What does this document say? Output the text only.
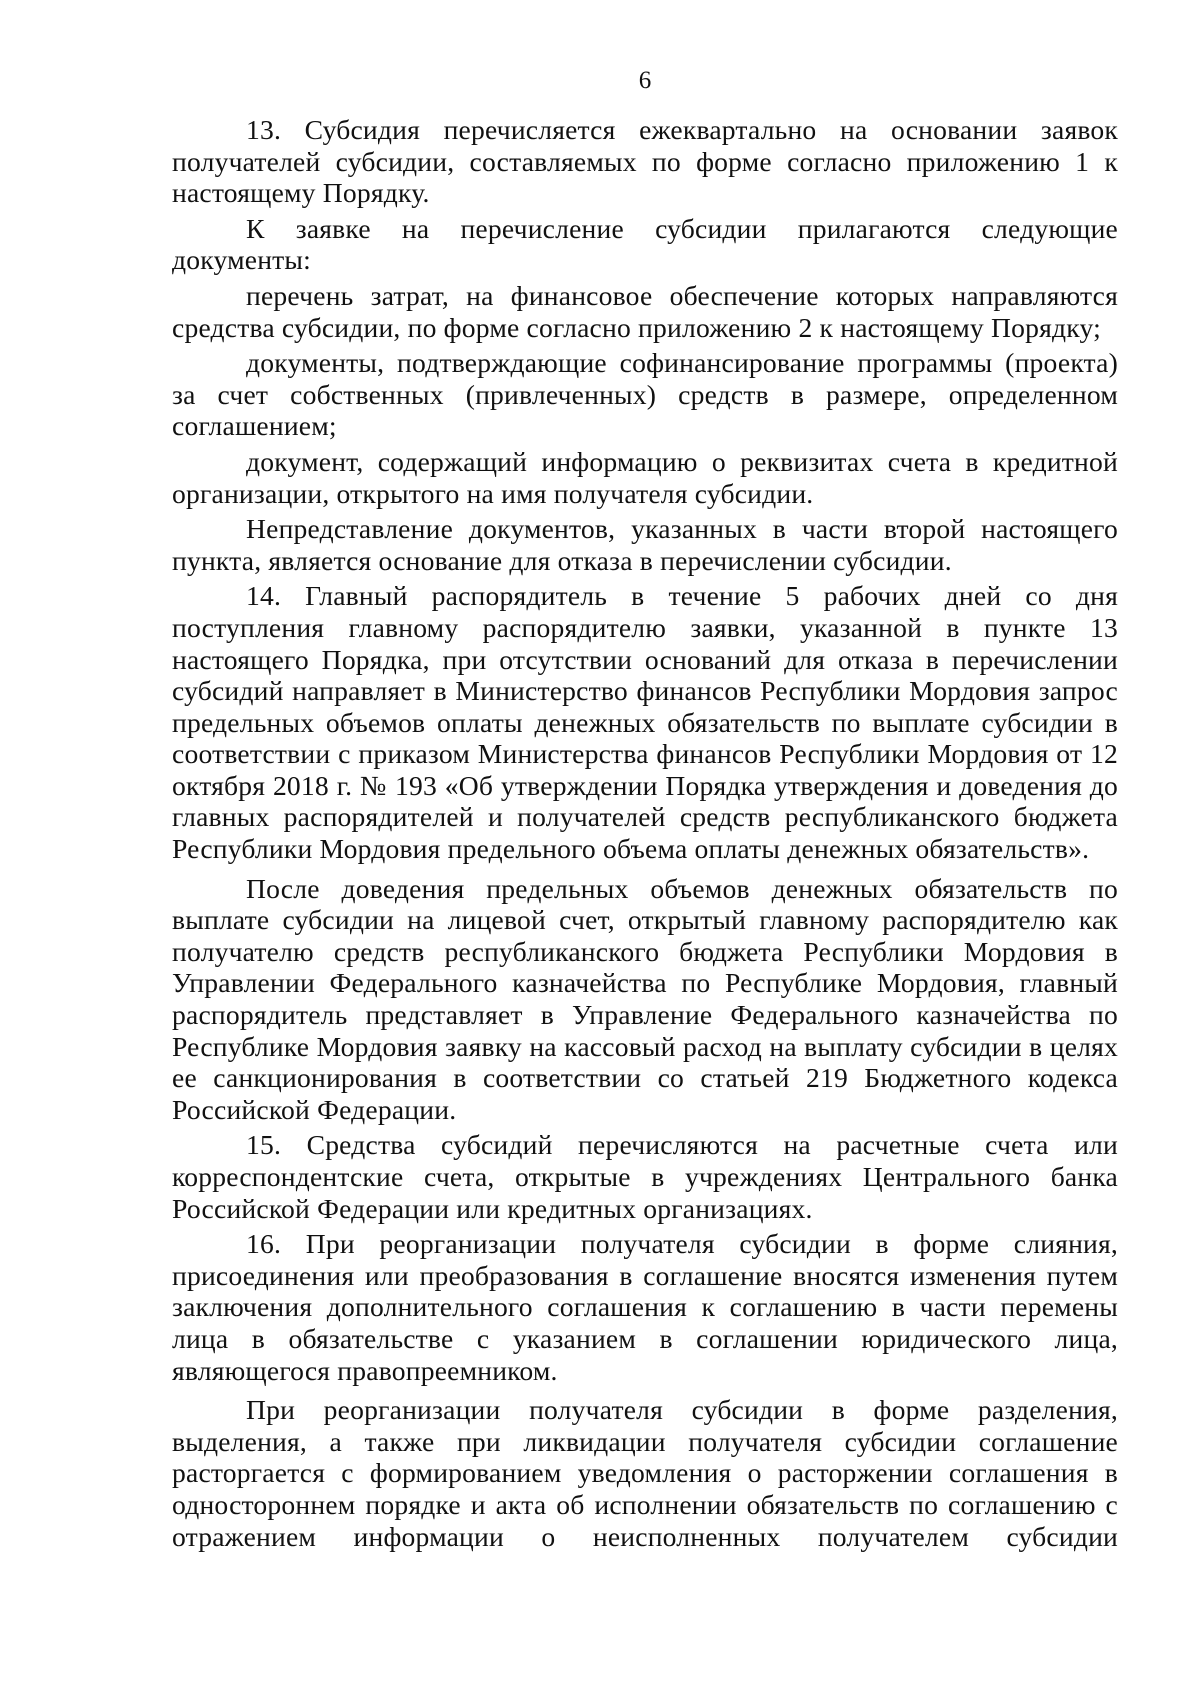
6

13. Субсидия перечисляется ежеквартально на основании заявок получателей субсидии, составляемых по форме согласно приложению 1 к настоящему Порядку.

К заявке на перечисление субсидии прилагаются следующие документы:

перечень затрат, на финансовое обеспечение которых направляются средства субсидии, по форме согласно приложению 2 к настоящему Порядку;

документы, подтверждающие софинансирование программы (проекта) за счет собственных (привлеченных) средств в размере, определенном соглашением;

документ, содержащий информацию о реквизитах счета в кредитной организации, открытого на имя получателя субсидии.

Непредставление документов, указанных в части второй настоящего пункта, является основание для отказа в перечислении субсидии.

14. Главный распорядитель в течение 5 рабочих дней со дня поступления главному распорядителю заявки, указанной в пункте 13 настоящего Порядка, при отсутствии оснований для отказа в перечислении субсидий направляет в Министерство финансов Республики Мордовия запрос предельных объемов оплаты денежных обязательств по выплате субсидии в соответствии с приказом Министерства финансов Республики Мордовия от 12 октября 2018 г. № 193 «Об утверждении Порядка утверждения и доведения до главных распорядителей и получателей средств республиканского бюджета Республики Мордовия предельного объема оплаты денежных обязательств».

После доведения предельных объемов денежных обязательств по выплате субсидии на лицевой счет, открытый главному распорядителю как получателю средств республиканского бюджета Республики Мордовия в Управлении Федерального казначейства по Республике Мордовия, главный распорядитель представляет в Управление Федерального казначейства по Республике Мордовия заявку на кассовый расход на выплату субсидии в целях ее санкционирования в соответствии со статьей 219 Бюджетного кодекса Российской Федерации.

15. Средства субсидий перечисляются на расчетные счета или корреспондентские счета, открытые в учреждениях Центрального банка Российской Федерации или кредитных организациях.

16. При реорганизации получателя субсидии в форме слияния, присоединения или преобразования в соглашение вносятся изменения путем заключения дополнительного соглашения к соглашению в части перемены лица в обязательстве с указанием в соглашении юридического лица, являющегося правопреемником.

При реорганизации получателя субсидии в форме разделения, выделения, а также при ликвидации получателя субсидии соглашение расторгается с формированием уведомления о расторжении соглашения в одностороннем порядке и акта об исполнении обязательств по соглашению с отражением информации о неисполненных получателем субсидии
